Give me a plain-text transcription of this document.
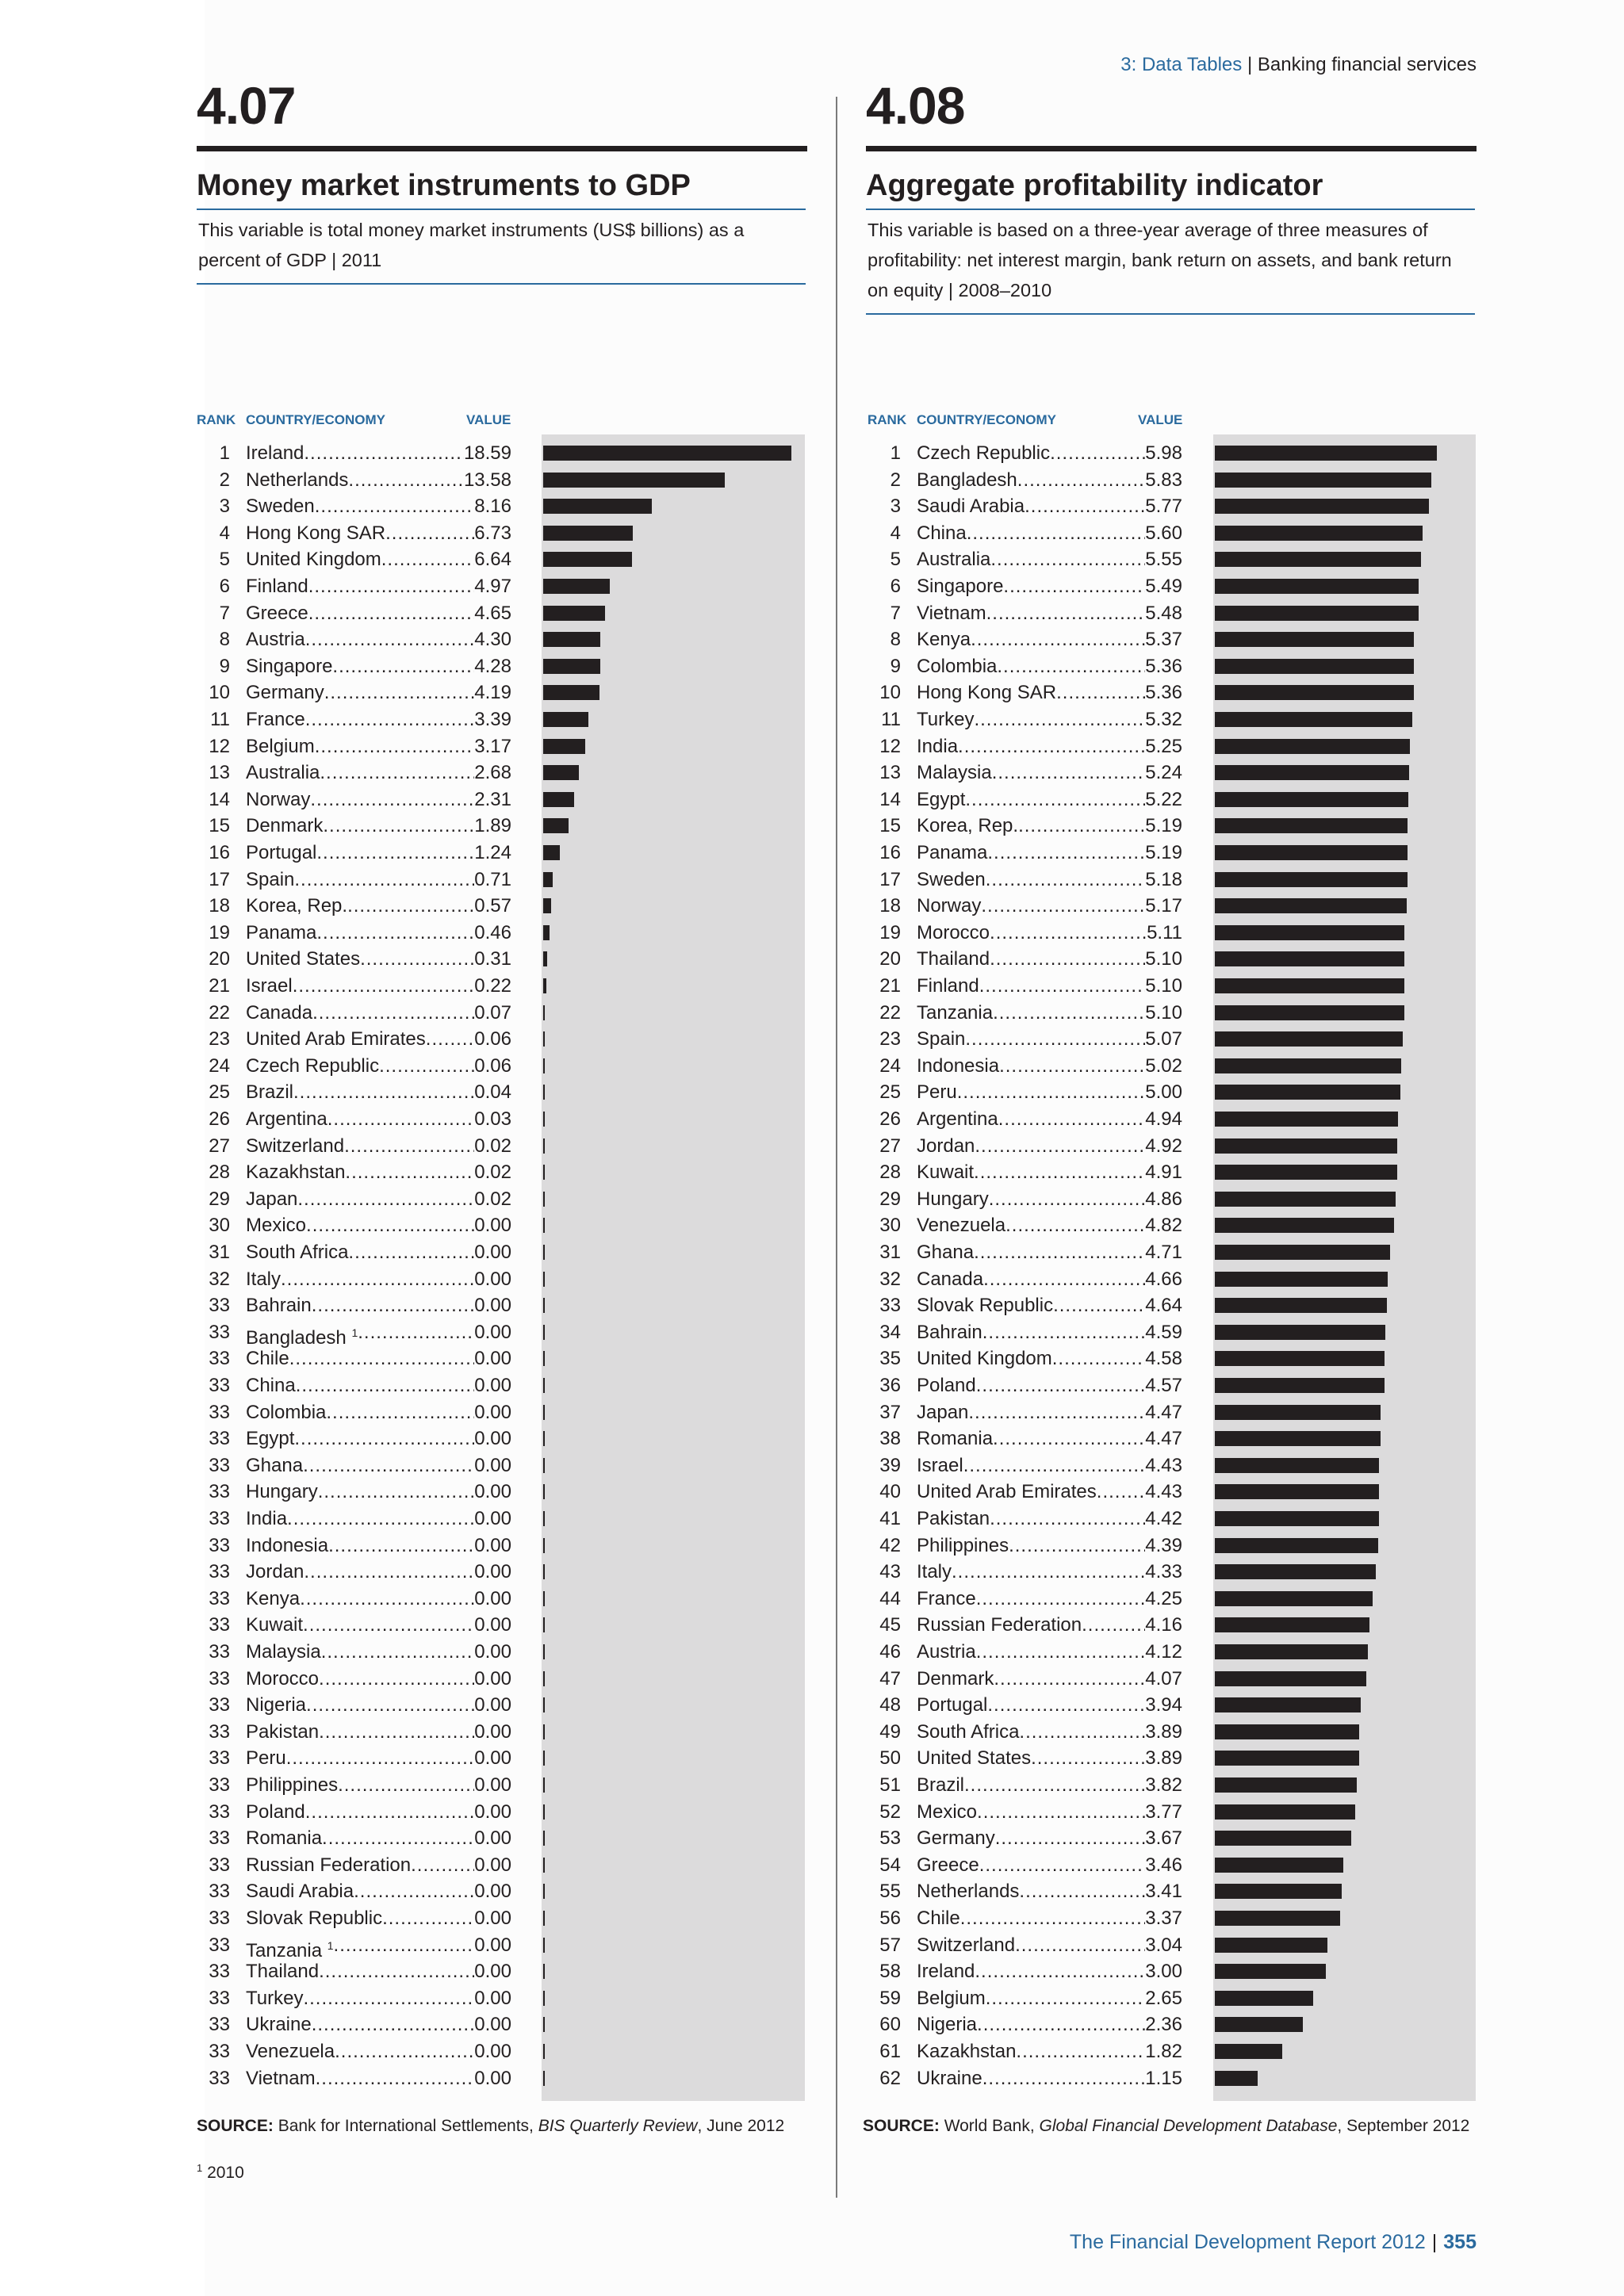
3: Data Tables | Banking financial services
4.07
Money market instruments to GDP
This variable is total money market instruments (US$ billions) as a percent of GDP | 2011
4.08
Aggregate profitability indicator
This variable is based on a three-year average of three measures of profitability: net interest margin, bank return on assets, and bank return on equity | 2008–2010
RANK COUNTRY/ECONOMY	VALUE	RANK COUNTRY/ECONOMY	VALUE
SOURCE: Bank for International Settlements, BIS Quarterly Review, June 2012	SOURCE: World Bank, Global Financial Development Database, September 2012
$^1$ 2010
The Financial Development Report 2012 | 355
1 Ireland .....	18.59
2 Netherlands .....	13.58
3 Sweden .....	8.16
4 Hong Kong SAR .....	6.73
5 United Kingdom .....	6.64
6 Finland .....	4.97
7 Greece .....	4.65
8 Austria .....	4.30
9 Singapore .....	4.28
10 Germany .....	4.19
11 France .....	3.39
12 Belgium .....	3.17
13 Australia .....	2.68
14 Norway .....	2.31
15 Denmark .....	1.89
16 Portugal .....	1.24
17 Spain .....	0.71
18 Korea, Rep. .....	0.57
19 Panama .....	0.46
20 United States .....	0.31
21 Israel .....	0.22
22 Canada .....	0.07
23 United Arab Emirates .....	0.06
24 Czech Republic .....	0.06
25 Brazil .....	0.04
26 Argentina .....	0.03
27 Switzerland .....	0.02
28 Kazakhstan .....	0.02
29 Japan .....	0.02
30 Mexico .....	0.00
31 South Africa .....	0.00
32 Italy .....	0.00
33 Bahrain .....	0.00
33 Bangladesh $^1$ .....	0.00
33 Chile .....	0.00
33 China .....	0.00
33 Colombia .....	0.00
33 Egypt .....	0.00
33 Ghana .....	0.00
33 Hungary .....	0.00
33 India .....	0.00
33 Indonesia .....	0.00
33 Jordan .....	0.00
33 Kenya .....	0.00
33 Kuwait .....	0.00
33 Malaysia .....	0.00
33 Morocco .....	0.00
33 Nigeria .....	0.00
33 Pakistan .....	0.00
33 Peru .....	0.00
33 Philippines .....	0.00
33 Poland .....	0.00
33 Romania .....	0.00
33 Russian Federation .....	0.00
33 Saudi Arabia .....	0.00
33 Slovak Republic .....	0.00
33 Tanzania $^1$ .....	0.00
33 Thailand .....	0.00
33 Turkey .....	0.00
33 Ukraine .....	0.00
33 Venezuela .....	0.00
33 Vietnam .....	0.00
1 Czech Republic .....	5.98
2 Bangladesh .....	5.83
3 Saudi Arabia .....	5.77
4 China .....	5.60
5 Australia .....	5.55
6 Singapore .....	5.49
7 Vietnam .....	5.48
8 Kenya .....	5.37
9 Colombia .....	5.36
10 Hong Kong SAR .....	5.36
11 Turkey .....	5.32
12 India .....	5.25
13 Malaysia .....	5.24
14 Egypt .....	5.22
15 Korea, Rep. .....	5.19
16 Panama .....	5.19
17 Sweden .....	5.18
18 Norway .....	5.17
19 Morocco .....	5.11
20 Thailand .....	5.10
21 Finland .....	5.10
22 Tanzania .....	5.10
23 Spain .....	5.07
24 Indonesia .....	5.02
25 Peru .....	5.00
26 Argentina .....	4.94
27 Jordan .....	4.92
28 Kuwait .....	4.91
29 Hungary .....	4.86
30 Venezuela .....	4.82
31 Ghana .....	4.71
32 Canada .....	4.66
33 Slovak Republic .....	4.64
34 Bahrain .....	4.59
35 United Kingdom .....	4.58
36 Poland .....	4.57
37 Japan .....	4.47
38 Romania .....	4.47
39 Israel .....	4.43
40 United Arab Emirates .....	4.43
41 Pakistan .....	4.42
42 Philippines .....	4.39
43 Italy .....	4.33
44 France .....	4.25
45 Russian Federation .....	4.16
46 Austria .....	4.12
47 Denmark .....	4.07
48 Portugal .....	3.94
49 South Africa .....	3.89
50 United States .....	3.89
51 Brazil .....	3.82
52 Mexico .....	3.77
53 Germany .....	3.67
54 Greece .....	3.46
55 Netherlands .....	3.41
56 Chile .....	3.37
57 Switzerland .....	3.04
58 Ireland .....	3.00
59 Belgium .....	2.65
60 Nigeria .....	2.36
61 Kazakhstan .....	1.82
62 Ukraine .....	1.15
